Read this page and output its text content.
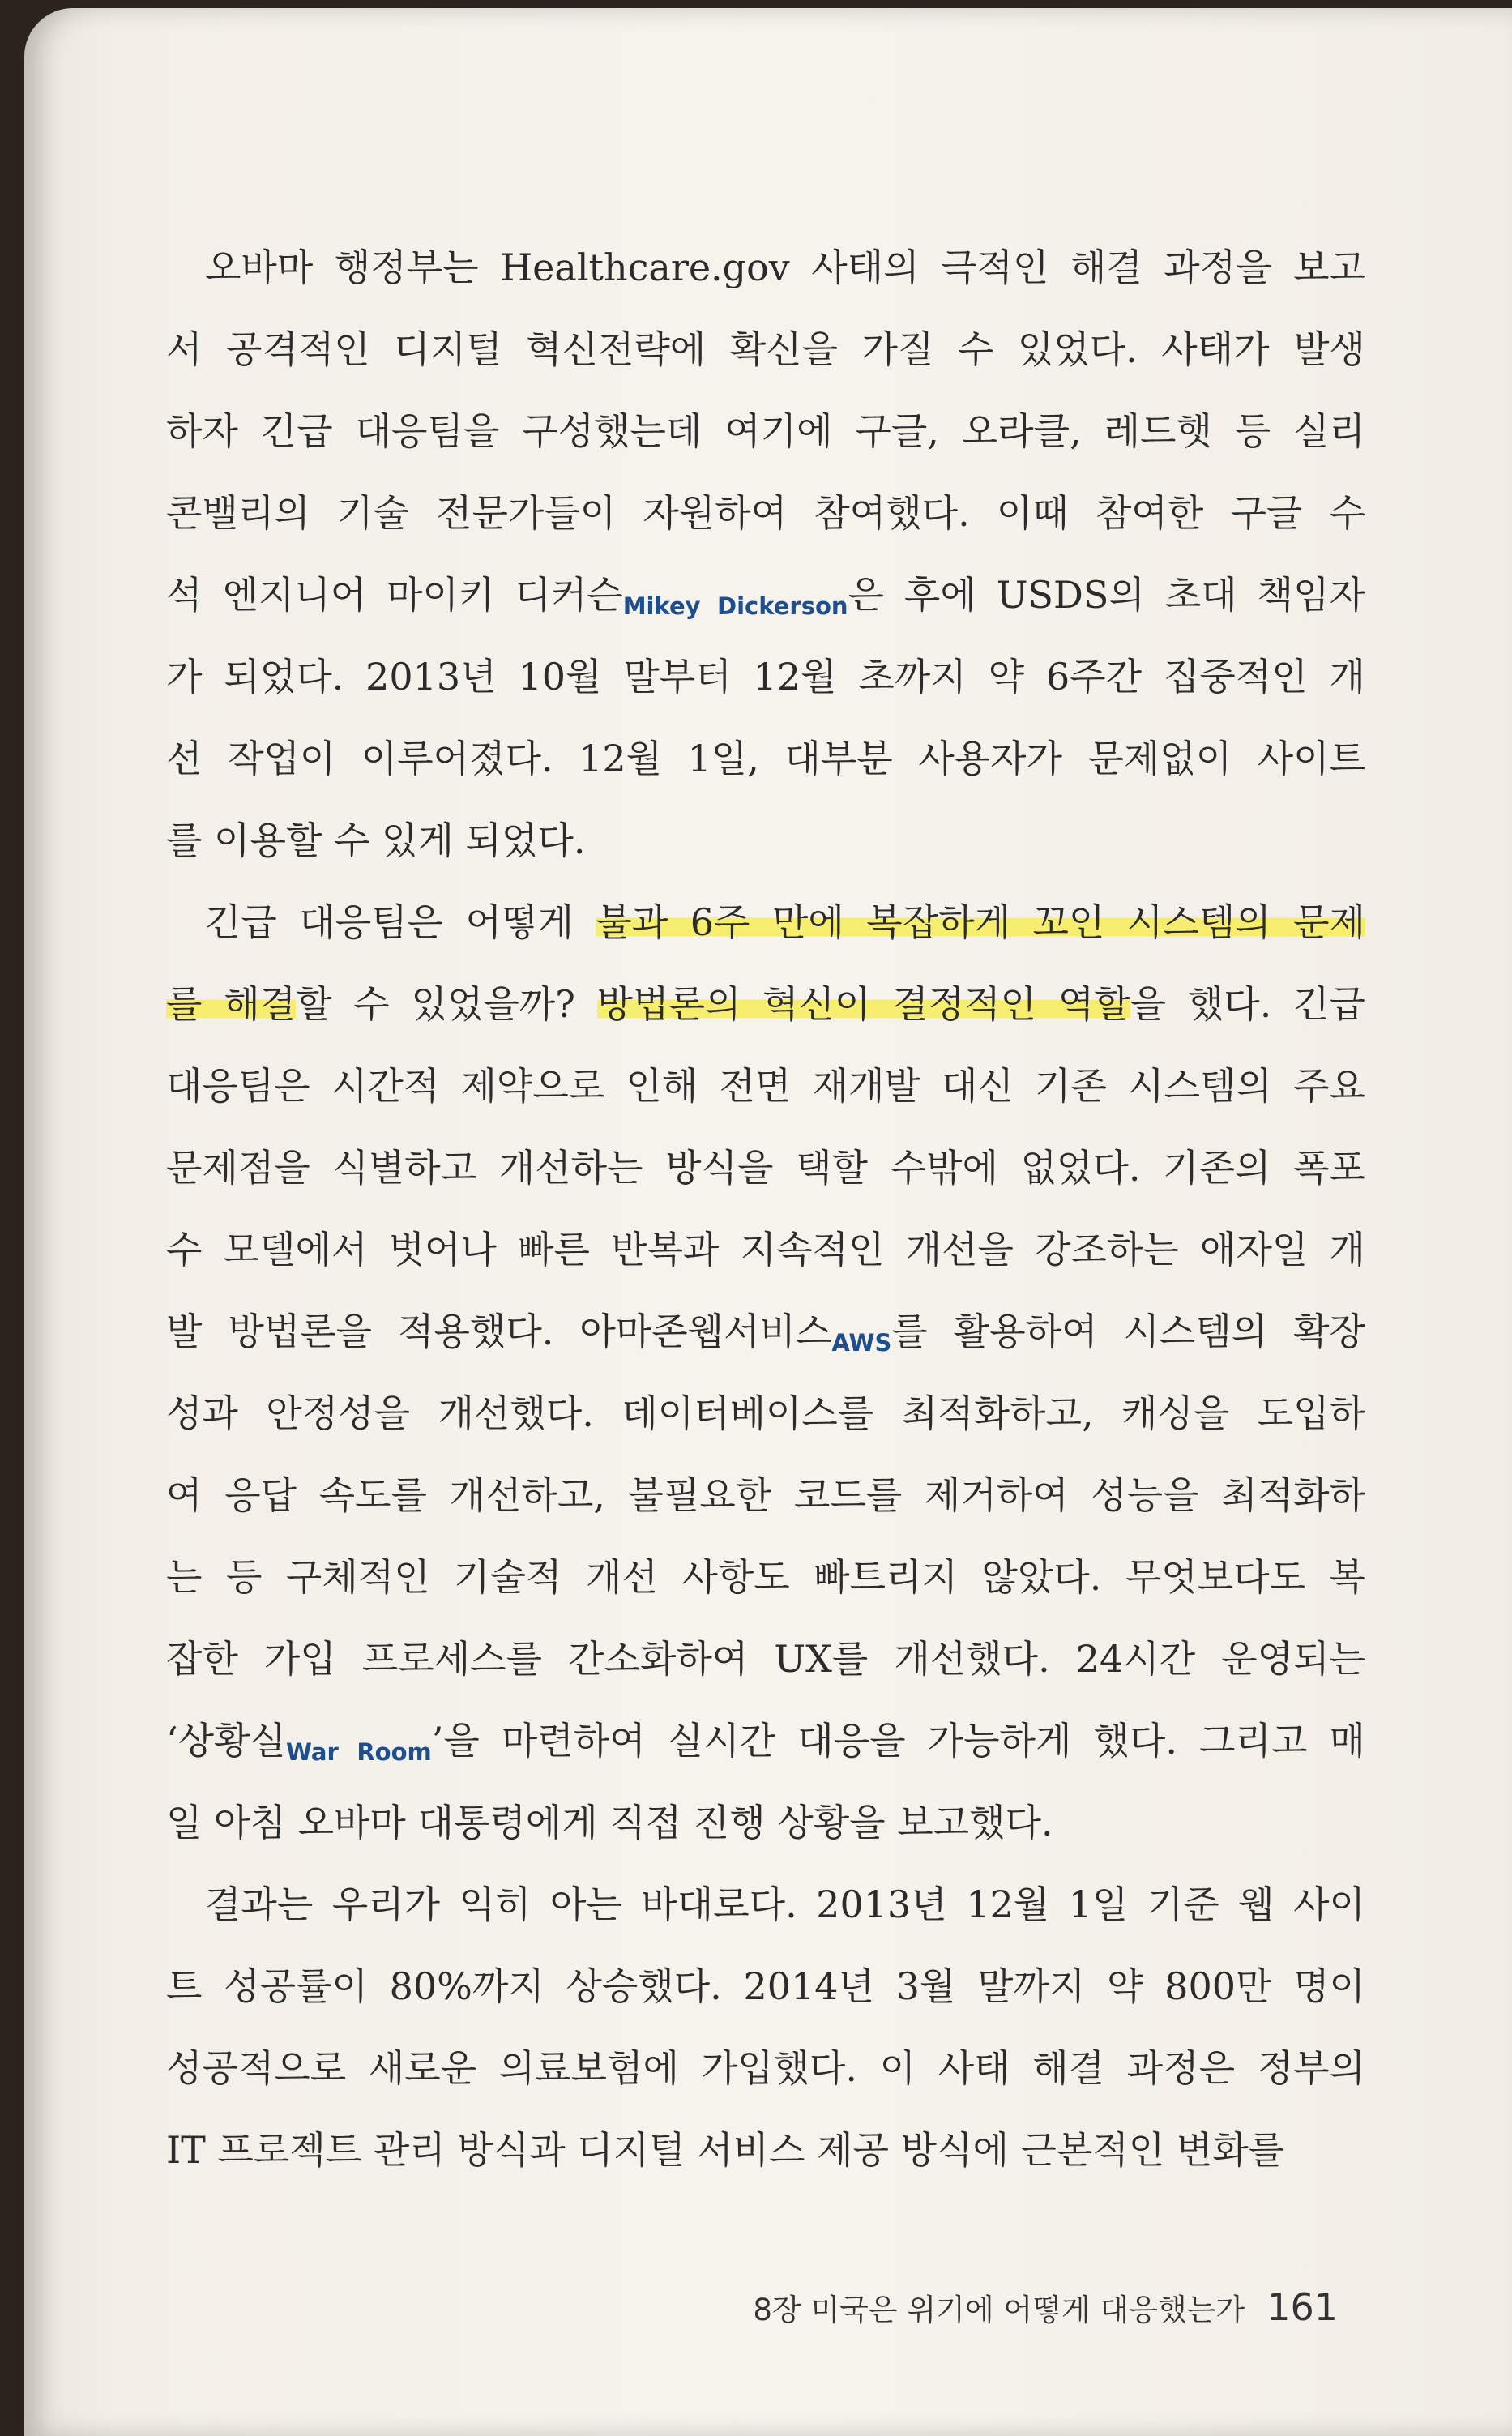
오바마 행정부는 Healthcare.gov 사태의 극적인 해결 과정을 보고
서 공격적인 디지털 혁신전략에 확신을 가질 수 있었다. 사태가 발생
하자 긴급 대응팀을 구성했는데 여기에 구글, 오라클, 레드햇 등 실리
콘밸리의 기술 전문가들이 자원하여 참여했다. 이때 참여한 구글 수
석 엔지니어 마이키 디커슨Mikey Dickerson은 후에 USDS의 초대 책임자
가 되었다. 2013년 10월 말부터 12월 초까지 약 6주간 집중적인 개
선 작업이 이루어졌다. 12월 1일, 대부분 사용자가 문제없이 사이트
를 이용할 수 있게 되었다.
긴급 대응팀은 어떻게 불과 6주 만에 복잡하게 꼬인 시스템의 문제
를 해결할 수 있었을까? 방법론의 혁신이 결정적인 역할을 했다. 긴급
대응팀은 시간적 제약으로 인해 전면 재개발 대신 기존 시스템의 주요
문제점을 식별하고 개선하는 방식을 택할 수밖에 없었다. 기존의 폭포
수 모델에서 벗어나 빠른 반복과 지속적인 개선을 강조하는 애자일 개
발 방법론을 적용했다. 아마존웹서비스AWS를 활용하여 시스템의 확장
성과 안정성을 개선했다. 데이터베이스를 최적화하고, 캐싱을 도입하
여 응답 속도를 개선하고, 불필요한 코드를 제거하여 성능을 최적화하
는 등 구체적인 기술적 개선 사항도 빠트리지 않았다. 무엇보다도 복
잡한 가입 프로세스를 간소화하여 UX를 개선했다. 24시간 운영되는
‘상황실War Room’을 마련하여 실시간 대응을 가능하게 했다. 그리고 매
일 아침 오바마 대통령에게 직접 진행 상황을 보고했다.
결과는 우리가 익히 아는 바대로다. 2013년 12월 1일 기준 웹 사이
트 성공률이 80%까지 상승했다. 2014년 3월 말까지 약 800만 명이
성공적으로 새로운 의료보험에 가입했다. 이 사태 해결 과정은 정부의
IT 프로젝트 관리 방식과 디지털 서비스 제공 방식에 근본적인 변화를
8장 미국은 위기에 어떻게 대응했는가 161
